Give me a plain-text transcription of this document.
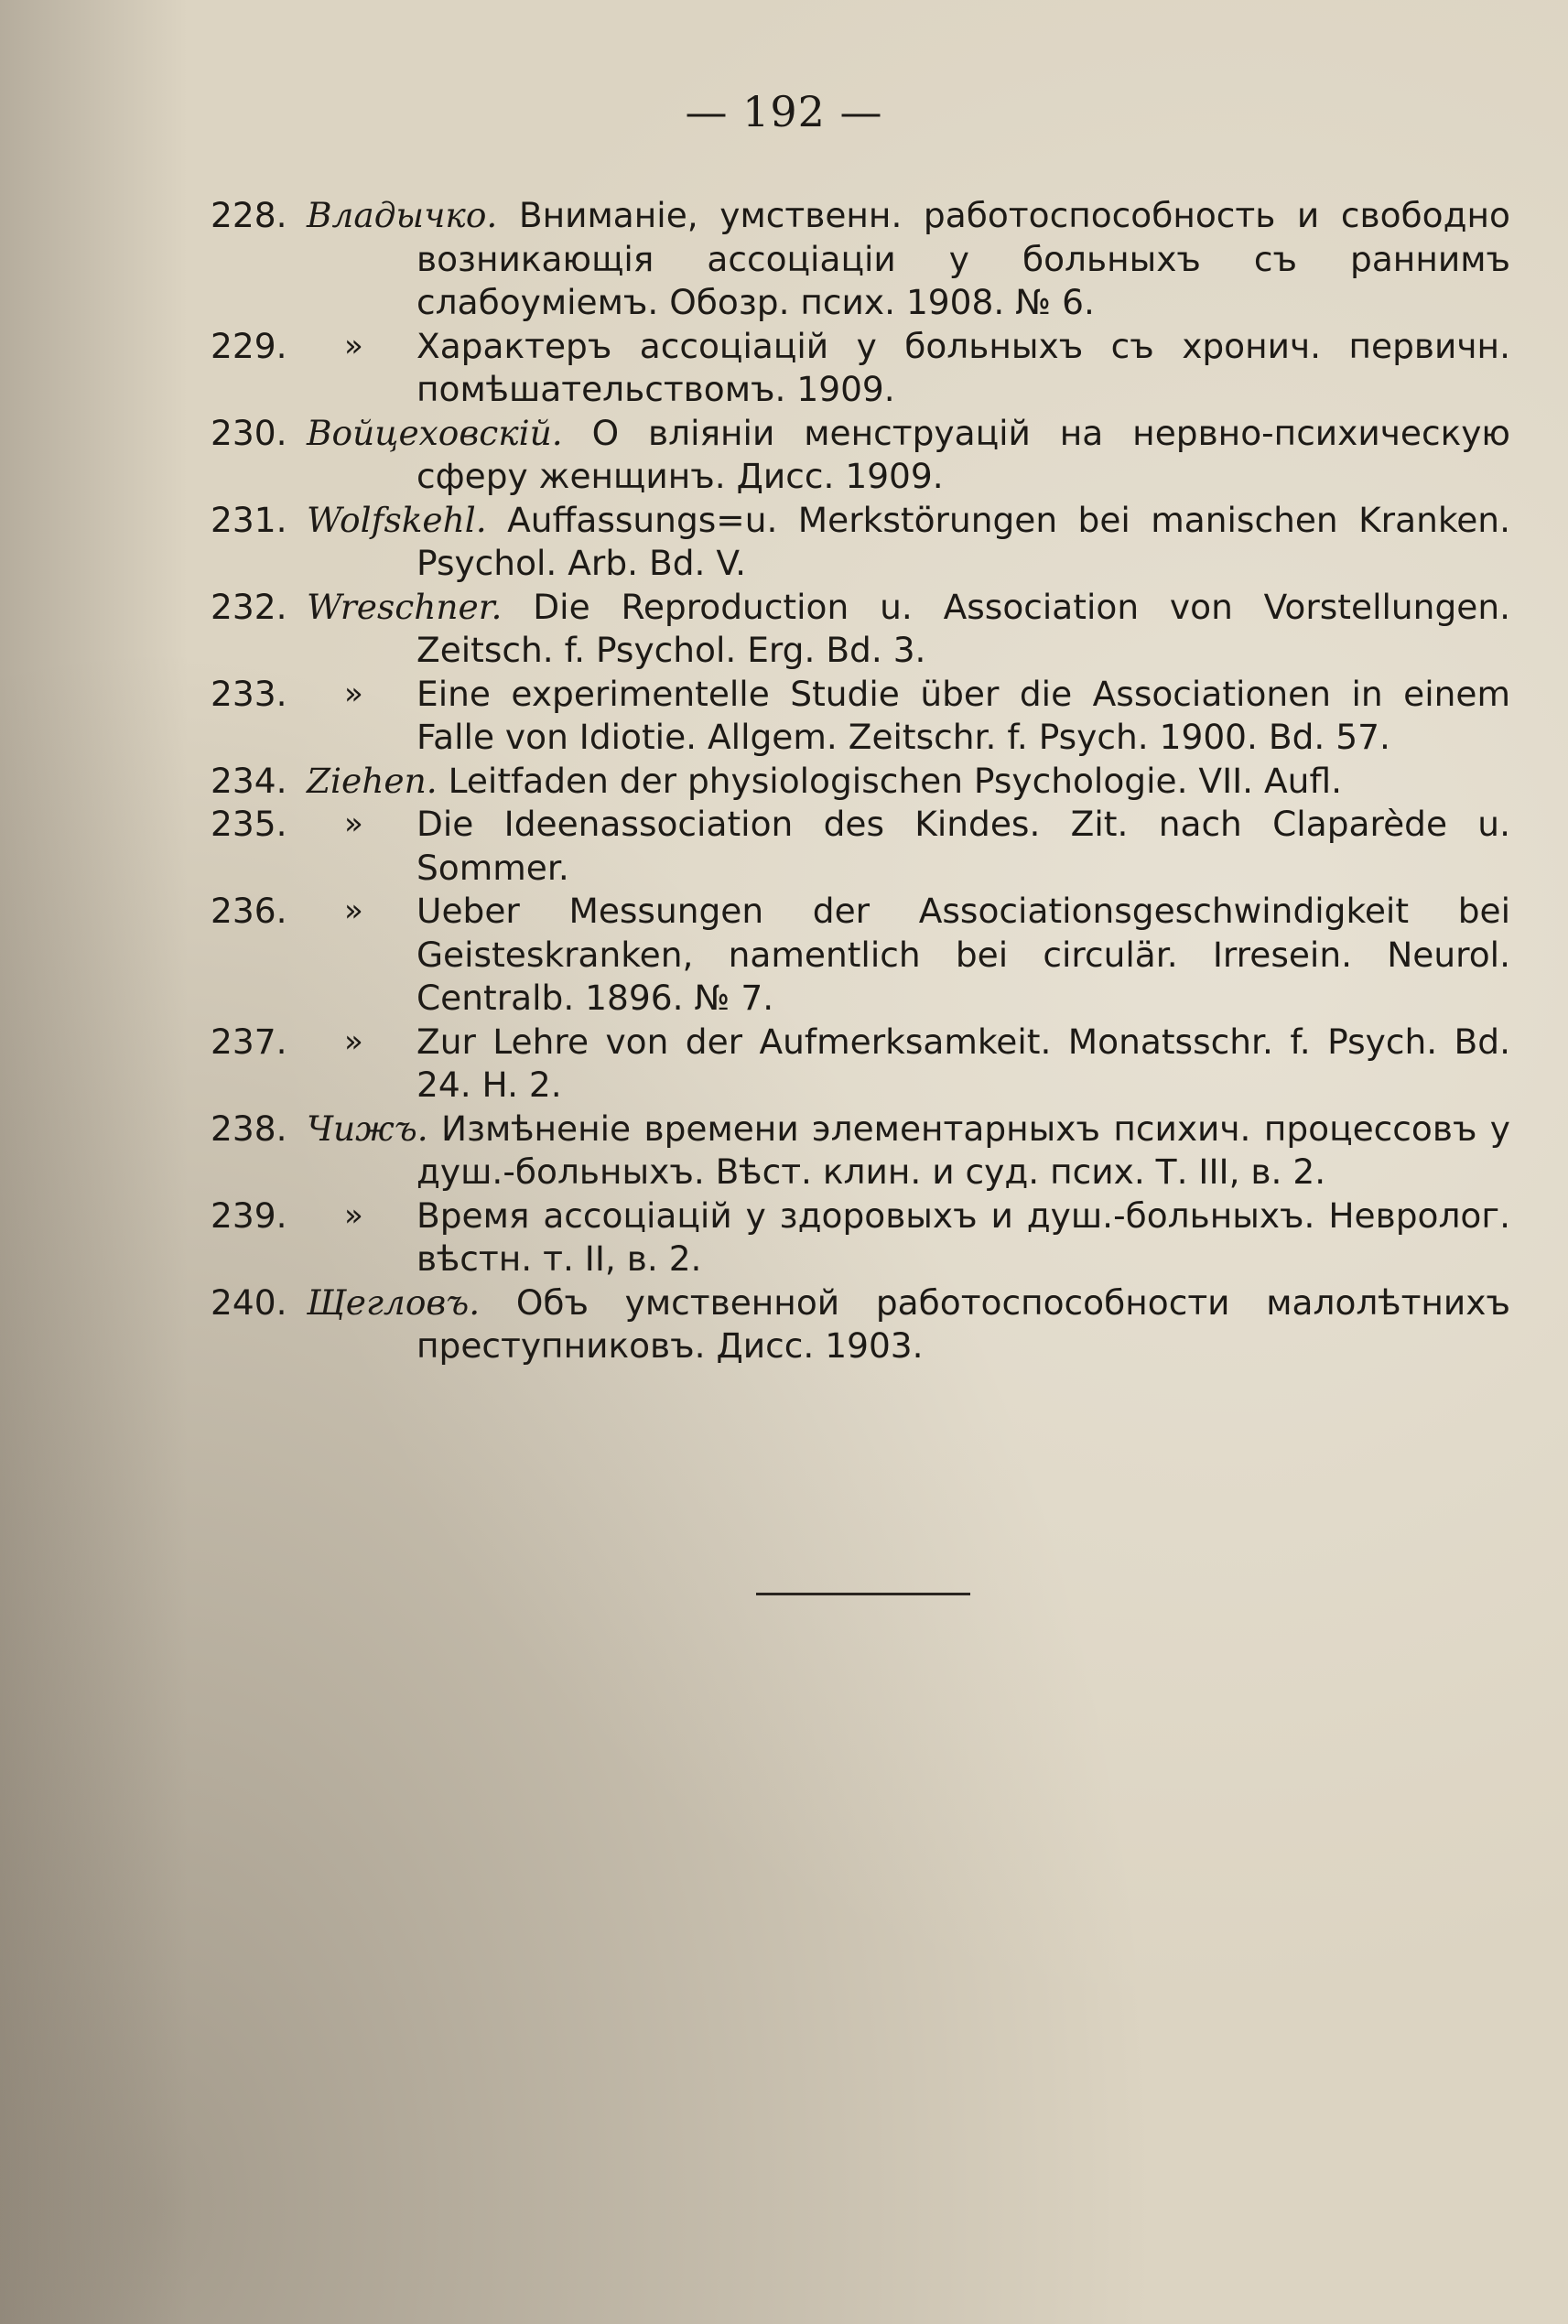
— 192 —
228. Владычко. Вниманіе, умственн. работоспособность и свободно возникающія ассоціаціи у больныхъ съ раннимъ слабоуміемъ. Обозр. псих. 1908. № 6.
229.	» Характеръ ассоціацій у больныхъ съ хронич. первичн. помѣшательствомъ. 1909.
230. Войцеховскій. О вліяніи менструацій на нервно-психическую сферу женщинъ. Дисс. 1909.
231. Wolfskehl. Auffassungs=u. Merkstörungen bei manischen Kranken. Psychol. Arb. Bd. V.
232. Wreschner. Die Reproduction u. Association von Vorstellungen. Zeitsch. f. Psychol. Erg. Bd. 3.
233.	» Eine experimentelle Studie über die Associationen in einem Falle von Idiotie. Allgem. Zeitschr. f. Psych. 1900. Bd. 57.
234. Ziehen. Leitfaden der physiologischen Psychologie. VII. Aufl.
235.	» Die Ideenassociation des Kindes. Zit. nach Claparède u. Sommer.
236.	» Ueber Messungen der Associationsgeschwindigkeit bei Geisteskranken, namentlich bei circulär. Irresein. Neurol. Centralb. 1896. № 7.
237.	» Zur Lehre von der Aufmerksamkeit. Monatsschr. f. Psych. Bd. 24. H. 2.
238. Чижъ. Измѣненіе времени элементарныхъ психич. процессовъ у душ.-больныхъ. Вѣст. клин. и суд. псих. Т. III, в. 2.
239.	» Время ассоціацій у здоровыхъ и душ.-больныхъ. Невролог. вѣстн. т. II, в. 2.
240. Щегловъ. Объ умственной работоспособности малолѣтнихъ преступниковъ. Дисс. 1903.
